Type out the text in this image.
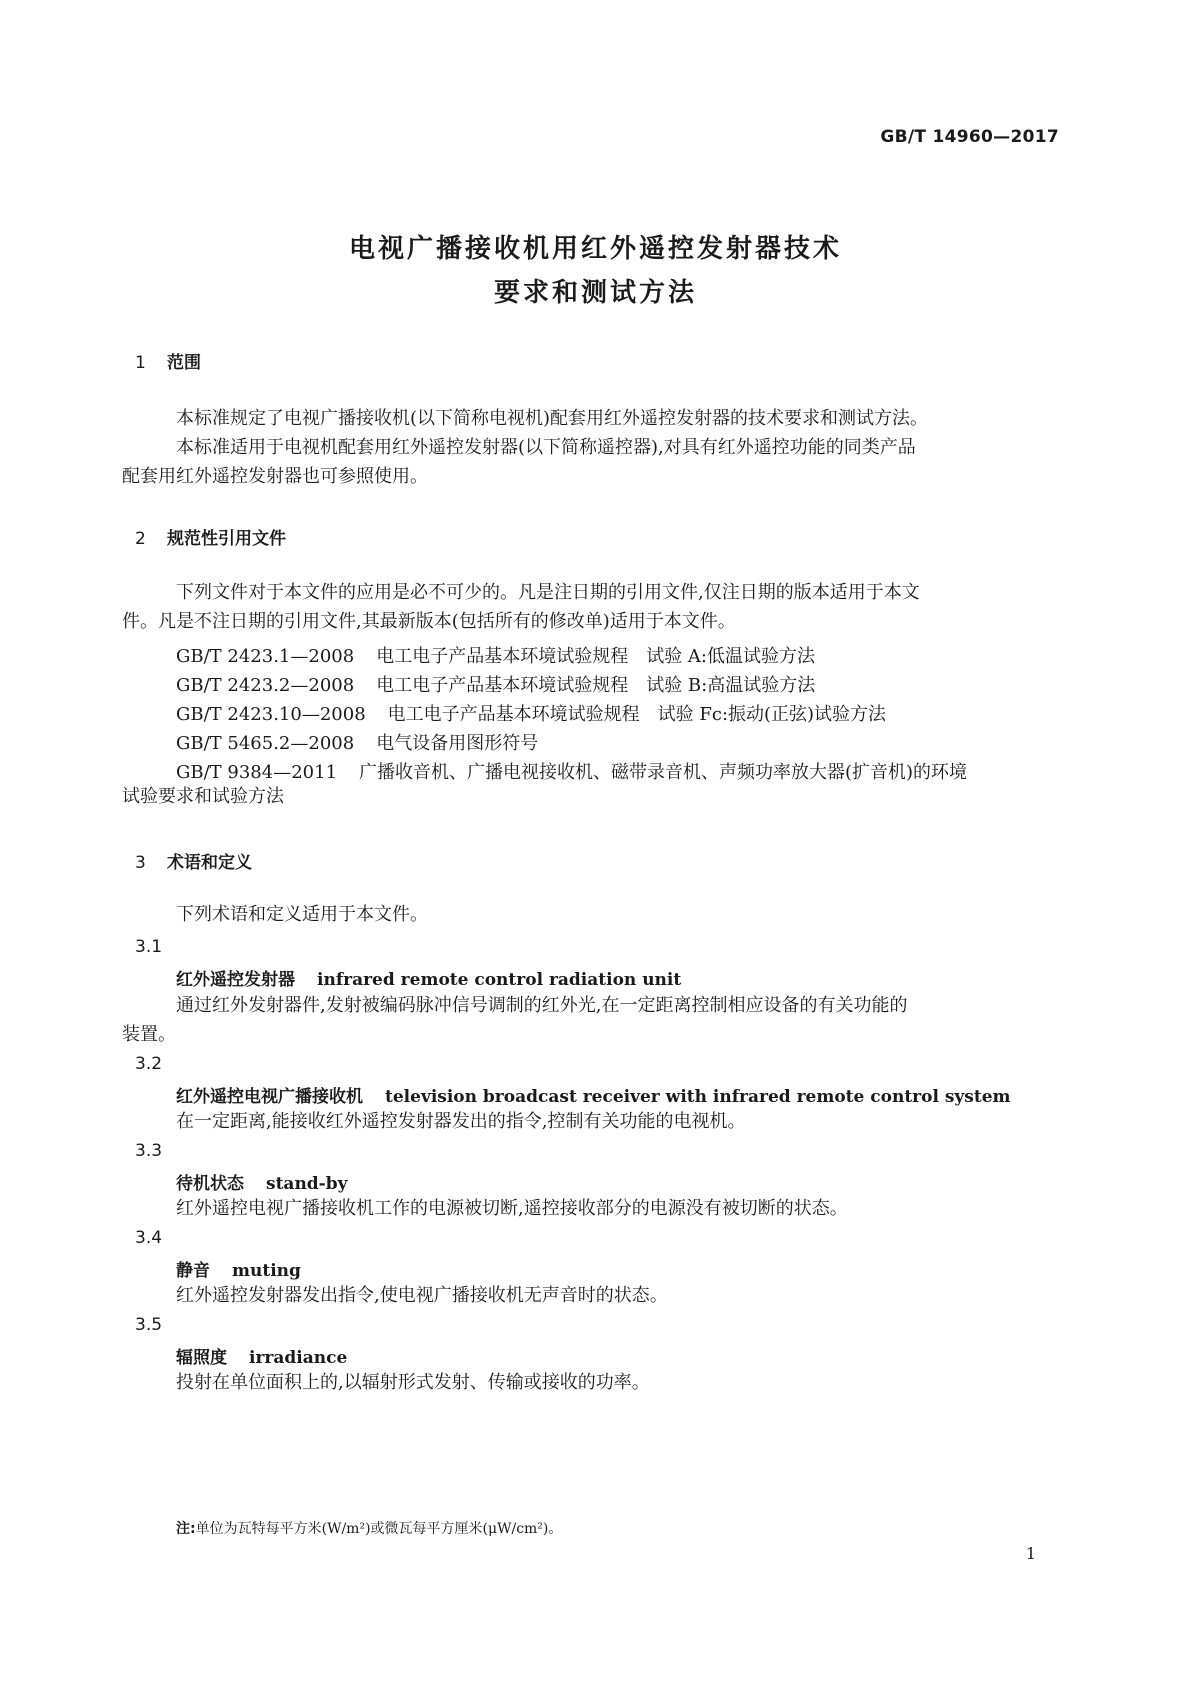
GB/T 14960—2017
电视广播接收机用红外遥控发射器技术
要求和测试方法
1 范围
本标准规定了电视广播接收机(以下简称电视机)配套用红外遥控发射器的技术要求和测试方法。
本标准适用于电视机配套用红外遥控发射器(以下简称遥控器),对具有红外遥控功能的同类产品
配套用红外遥控发射器也可参照使用。
2 规范性引用文件
下列文件对于本文件的应用是必不可少的。凡是注日期的引用文件,仅注日期的版本适用于本文
件。凡是不注日期的引用文件,其最新版本(包括所有的修改单)适用于本文件。
GB/T 2423.1—2008 电工电子产品基本环境试验规程　试验 A:低温试验方法
GB/T 2423.2—2008 电工电子产品基本环境试验规程　试验 B:高温试验方法
GB/T 2423.10—2008 电工电子产品基本环境试验规程　试验 Fc:振动(正弦)试验方法
GB/T 5465.2—2008 电气设备用图形符号
GB/T 9384—2011 广播收音机、广播电视接收机、磁带录音机、声频功率放大器(扩音机)的环境
试验要求和试验方法
3 术语和定义
下列术语和定义适用于本文件。
3.1
红外遥控发射器 infrared remote control radiation unit
通过红外发射器件,发射被编码脉冲信号调制的红外光,在一定距离控制相应设备的有关功能的
装置。
3.2
红外遥控电视广播接收机 television broadcast receiver with infrared remote control system
在一定距离,能接收红外遥控发射器发出的指令,控制有关功能的电视机。
3.3
待机状态 stand-by
红外遥控电视广播接收机工作的电源被切断,遥控接收部分的电源没有被切断的状态。
3.4
静音 muting
红外遥控发射器发出指令,使电视广播接收机无声音时的状态。
3.5
辐照度 irradiance
投射在单位面积上的,以辐射形式发射、传输或接收的功率。
注:单位为瓦特每平方米(W/m²)或微瓦每平方厘米(μW/cm²)。
1
